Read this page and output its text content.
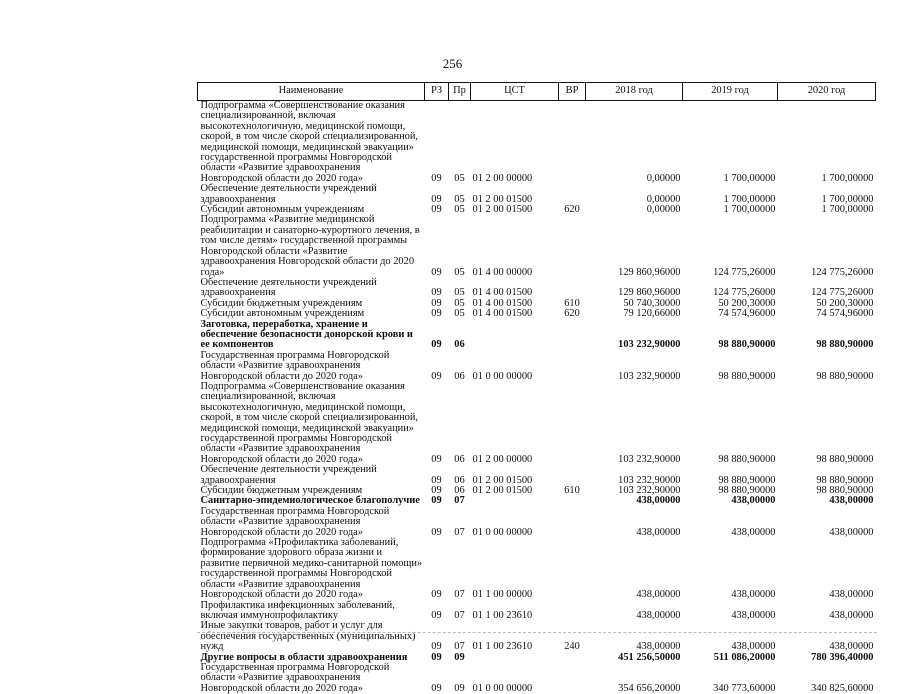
256
Наименование	РЗ	Пр	ЦСТ	ВР	2018 год	2019 год	2020 год
Подпрограмма «Совершенствование оказания специализированной, включая высокотехнологичную, медицинской помощи, скорой, в том числе скорой специализированной, медицинской помощи, медицинской эвакуации» государственной программы Новгородской области «Развитие здравоохранения Новгородской области до 2020 года»	09	05	01 2 00 00000		0,00000	1 700,00000	1 700,00000
Обеспечение деятельности учреждений здравоохранения	09	05	01 2 00 01500		0,00000	1 700,00000	1 700,00000
Субсидии автономным учреждениям	09	05	01 2 00 01500	620	0,00000	1 700,00000	1 700,00000
Подпрограмма «Развитие медицинской реабилитации и санаторно-курортного лечения, в том числе детям» государственной программы Новгородской области «Развитие здравоохранения Новгородской области до 2020 года»	09	05	01 4 00 00000		129 860,96000	124 775,26000	124 775,26000
Обеспечение деятельности учреждений здравоохранения	09	05	01 4 00 01500		129 860,96000	124 775,26000	124 775,26000
Субсидии бюджетным учреждениям	09	05	01 4 00 01500	610	50 740,30000	50 200,30000	50 200,30000
Субсидии автономным учреждениям	09	05	01 4 00 01500	620	79 120,66000	74 574,96000	74 574,96000
Заготовка, переработка, хранение и обеспечение безопасности донорской крови и ее компонентов	09	06			103 232,90000	98 880,90000	98 880,90000
Государственная программа Новгородской области «Развитие здравоохранения Новгородской области до 2020 года»	09	06	01 0 00 00000		103 232,90000	98 880,90000	98 880,90000
Подпрограмма «Совершенствование оказания специализированной, включая высокотехнологичную, медицинской помощи, скорой, в том числе скорой специализированной, медицинской помощи, медицинской эвакуации» государственной программы Новгородской области «Развитие здравоохранения Новгородской области до 2020 года»	09	06	01 2 00 00000		103 232,90000	98 880,90000	98 880,90000
Обеспечение деятельности учреждений здравоохранения	09	06	01 2 00 01500		103 232,90000	98 880,90000	98 880,90000
Субсидии бюджетным учреждениям	09	06	01 2 00 01500	610	103 232,90000	98 880,90000	98 880,90000
Санитарно-эпидемиологическое благополучие	09	07			438,00000	438,00000	438,00000
Государственная программа Новгородской области «Развитие здравоохранения Новгородской области до 2020 года»	09	07	01 0 00 00000		438,00000	438,00000	438,00000
Подпрограмма «Профилактика заболеваний, формирование здорового образа жизни и развитие первичной медико-санитарной помощи» государственной программы Новгородской области «Развитие здравоохранения Новгородской области до 2020 года»	09	07	01 1 00 00000		438,00000	438,00000	438,00000
Профилактика инфекционных заболеваний, включая иммунопрофилактику	09	07	01 1 00 23610		438,00000	438,00000	438,00000
Иные закупки товаров, работ и услуг для обеспечения государственных (муниципальных) нужд	09	07	01 1 00 23610	240	438,00000	438,00000	438,00000
Другие вопросы в области здравоохранения	09	09			451 256,50000	511 086,20000	780 396,40000
Государственная программа Новгородской области «Развитие здравоохранения Новгородской области до 2020 года»	09	09	01 0 00 00000		354 656,20000	340 773,60000	340 825,60000
